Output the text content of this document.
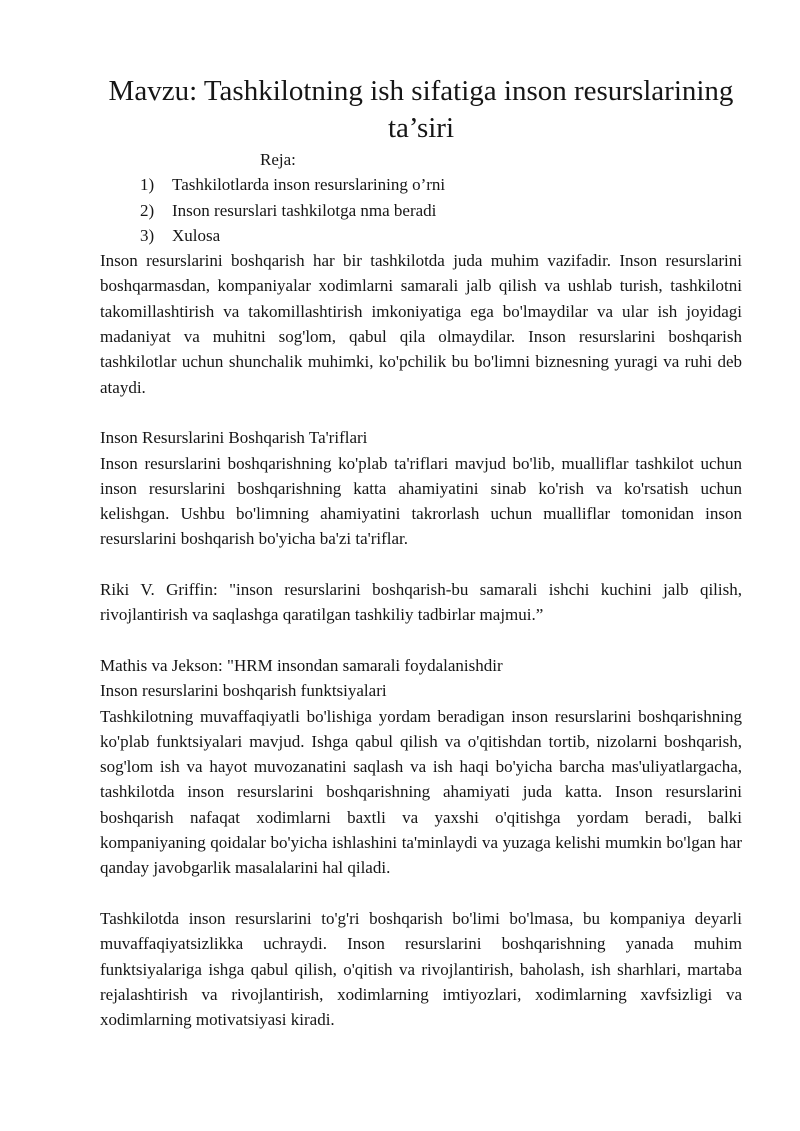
Mavzu: Tashkilotning ish sifatiga inson resurslarining ta’siri
Reja:
1)	Tashkilotlarda inson resurslarining o’rni
2)	Inson resurslari tashkilotga nma beradi
3)	Xulosa

Inson resurslarini boshqarish har bir tashkilotda juda muhim vazifadir. Inson resurslarini boshqarmasdan, kompaniyalar xodimlarni samarali jalb qilish va ushlab turish, tashkilotni takomillashtirish va takomillashtirish imkoniyatiga ega bo'lmaydilar va ular ish joyidagi madaniyat va muhitni sog'lom, qabul qila olmaydilar. Inson resurslarini boshqarish tashkilotlar uchun shunchalik muhimki, ko'pchilik bu bo'limni biznesning yuragi va ruhi deb ataydi.

Inson Resurslarini Boshqarish Ta'riflari

Inson resurslarini boshqarishning ko'plab ta'riflari mavjud bo'lib, mualliflar tashkilot uchun inson resurslarini boshqarishning katta ahamiyatini sinab ko'rish va ko'rsatish uchun kelishgan. Ushbu bo'limning ahamiyatini takrorlash uchun mualliflar tomonidan inson resurslarini boshqarish bo'yicha ba'zi ta'riflar.

Riki V. Griffin: "inson resurslarini boshqarish-bu samarali ishchi kuchini jalb qilish, rivojlantirish va saqlashga qaratilgan tashkiliy tadbirlar majmui.”

Mathis va Jekson: "HRM insondan samarali foydalanishdir

Inson resurslarini boshqarish funktsiyalari

Tashkilotning muvaffaqiyatli bo'lishiga yordam beradigan inson resurslarini boshqarishning ko'plab funktsiyalari mavjud. Ishga qabul qilish va o'qitishdan tortib, nizolarni boshqarish, sog'lom ish va hayot muvozanatini saqlash va ish haqi bo'yicha barcha mas'uliyatlargacha, tashkilotda inson resurslarini boshqarishning ahamiyati juda katta. Inson resurslarini boshqarish nafaqat xodimlarni baxtli va yaxshi o'qitishga yordam beradi, balki kompaniyaning qoidalar bo'yicha ishlashini ta'minlaydi va yuzaga kelishi mumkin bo'lgan har qanday javobgarlik masalalarini hal qiladi.

Tashkilotda inson resurslarini to'g'ri boshqarish bo'limi bo'lmasa, bu kompaniya deyarli muvaffaqiyatsizlikka uchraydi. Inson resurslarini boshqarishning yanada muhim funktsiyalariga ishga qabul qilish, o'qitish va rivojlantirish, baholash, ish sharhlari, martaba rejalashtirish va rivojlantirish, xodimlarning imtiyozlari, xodimlarning xavfsizligi va xodimlarning motivatsiyasi kiradi.
